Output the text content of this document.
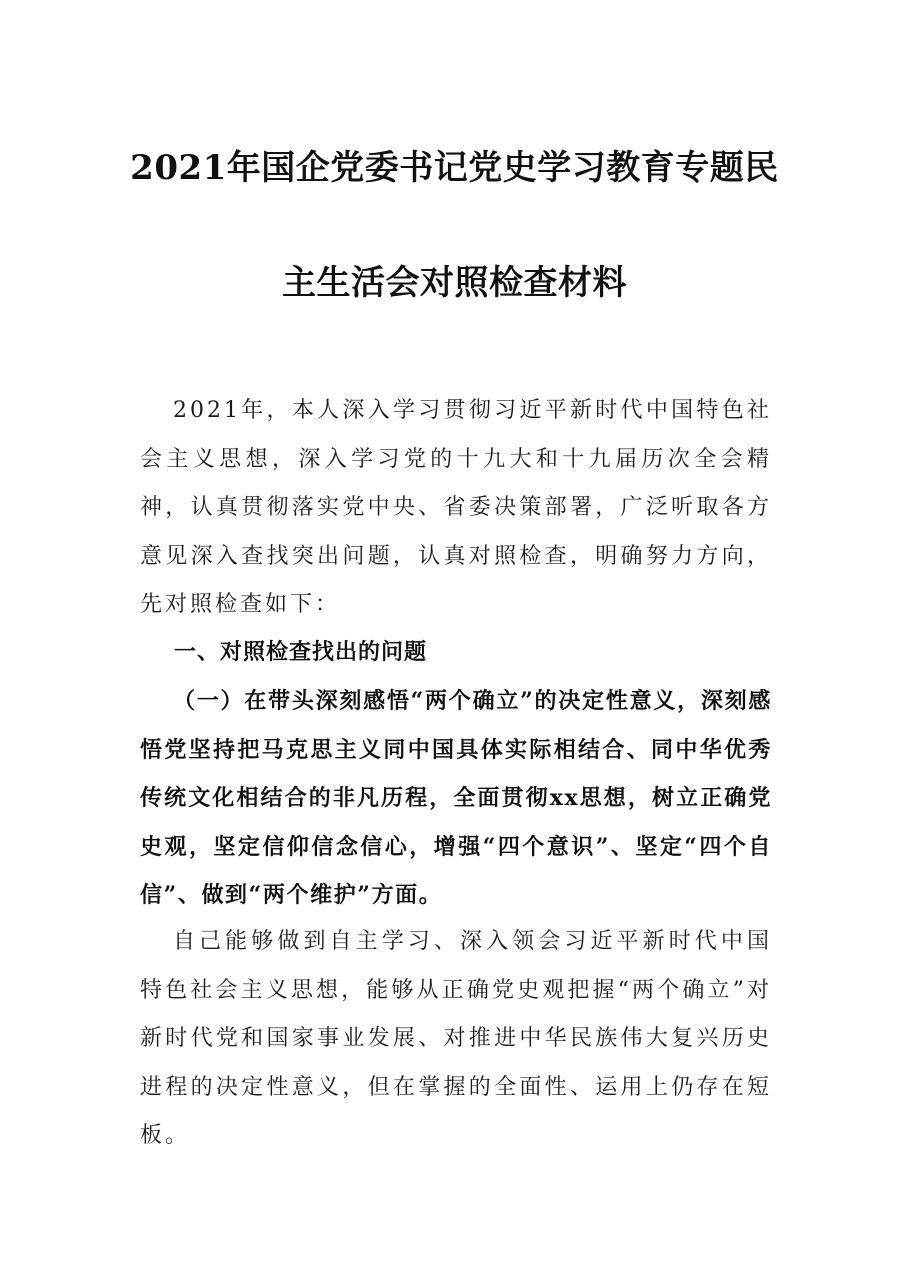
2021年国企党委书记党史学习教育专题民
主生活会对照检查材料

2021年，本人深入学习贯彻习近平新时代中国特色社会主义思想，深入学习党的十九大和十九届历次全会精神，认真贯彻落实党中央、省委决策部署，广泛听取各方意见深入查找突出问题，认真对照检查，明确努力方向，先对照检查如下：

一、对照检查找出的问题

（一）在带头深刻感悟“两个确立”的决定性意义，深刻感悟党坚持把马克思主义同中国具体实际相结合、同中华优秀传统文化相结合的非凡历程，全面贯彻xx思想，树立正确党史观，坚定信仰信念信心，增强“四个意识”、坚定“四个自信”、做到“两个维护”方面。

自己能够做到自主学习、深入领会习近平新时代中国特色社会主义思想，能够从正确党史观把握“两个确立”对新时代党和国家事业发展、对推进中华民族伟大复兴历史进程的决定性意义，但在掌握的全面性、运用上仍存在短板。
